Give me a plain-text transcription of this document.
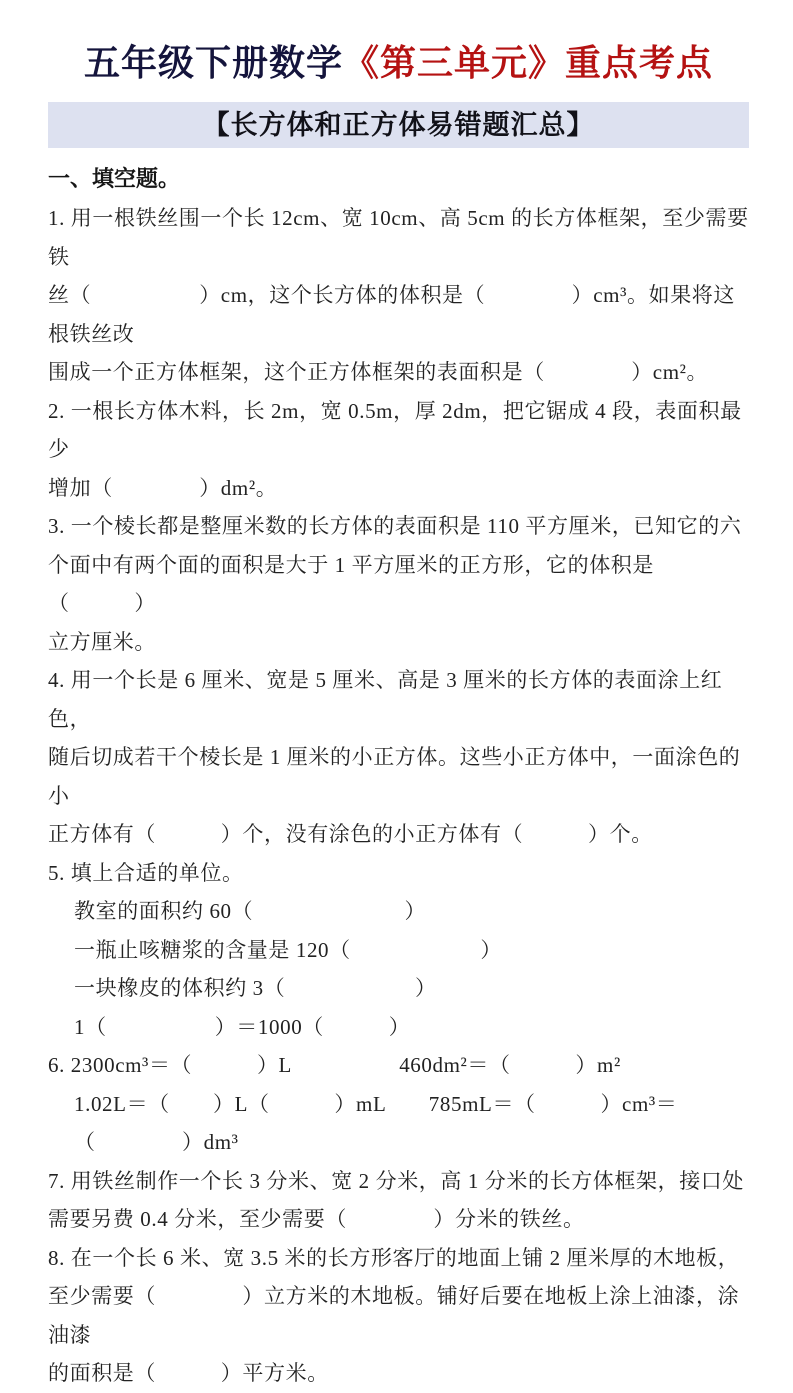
五年级下册数学《第三单元》重点考点
【长方体和正方体易错题汇总】
一、填空题。
1. 用一根铁丝围一个长 12cm、宽 10cm、高 5cm 的长方体框架，至少需要铁
丝（　　　　　）cm，这个长方体的体积是（　　　　）cm³。如果将这根铁丝改
围成一个正方体框架，这个正方体框架的表面积是（　　　　）cm²。
2. 一根长方体木料，长 2m，宽 0.5m，厚 2dm，把它锯成 4 段，表面积最少
增加（　　　　）dm²。
3. 一个棱长都是整厘米数的长方体的表面积是 110 平方厘米，已知它的六
个面中有两个面的面积是大于 1 平方厘米的正方形，它的体积是（　　　）
立方厘米。
4. 用一个长是 6 厘米、宽是 5 厘米、高是 3 厘米的长方体的表面涂上红色，
随后切成若干个棱长是 1 厘米的小正方体。这些小正方体中，一面涂色的小
正方体有（　　　）个，没有涂色的小正方体有（　　　）个。
5. 填上合适的单位。
教室的面积约 60（　　　　　　　）
一瓶止咳糖浆的含量是 120（　　　　　　）
一块橡皮的体积约 3（　　　　　　）
1（　　　　　）＝1000（　　　）
6. 2300cm³＝（　　　）L　　　　　460dm²＝（　　　）m²
1.02L＝（　　）L（　　　）mL　　785mL＝（　　　）cm³＝（　　　　）dm³
7. 用铁丝制作一个长 3 分米、宽 2 分米，高 1 分米的长方体框架，接口处
需要另费 0.4 分米，至少需要（　　　　）分米的铁丝。
8. 在一个长 6 米、宽 3.5 米的长方形客厅的地面上铺 2 厘米厚的木地板，
至少需要（　　　　）立方米的木地板。铺好后要在地板上涂上油漆，涂油漆
的面积是（　　　）平方米。
